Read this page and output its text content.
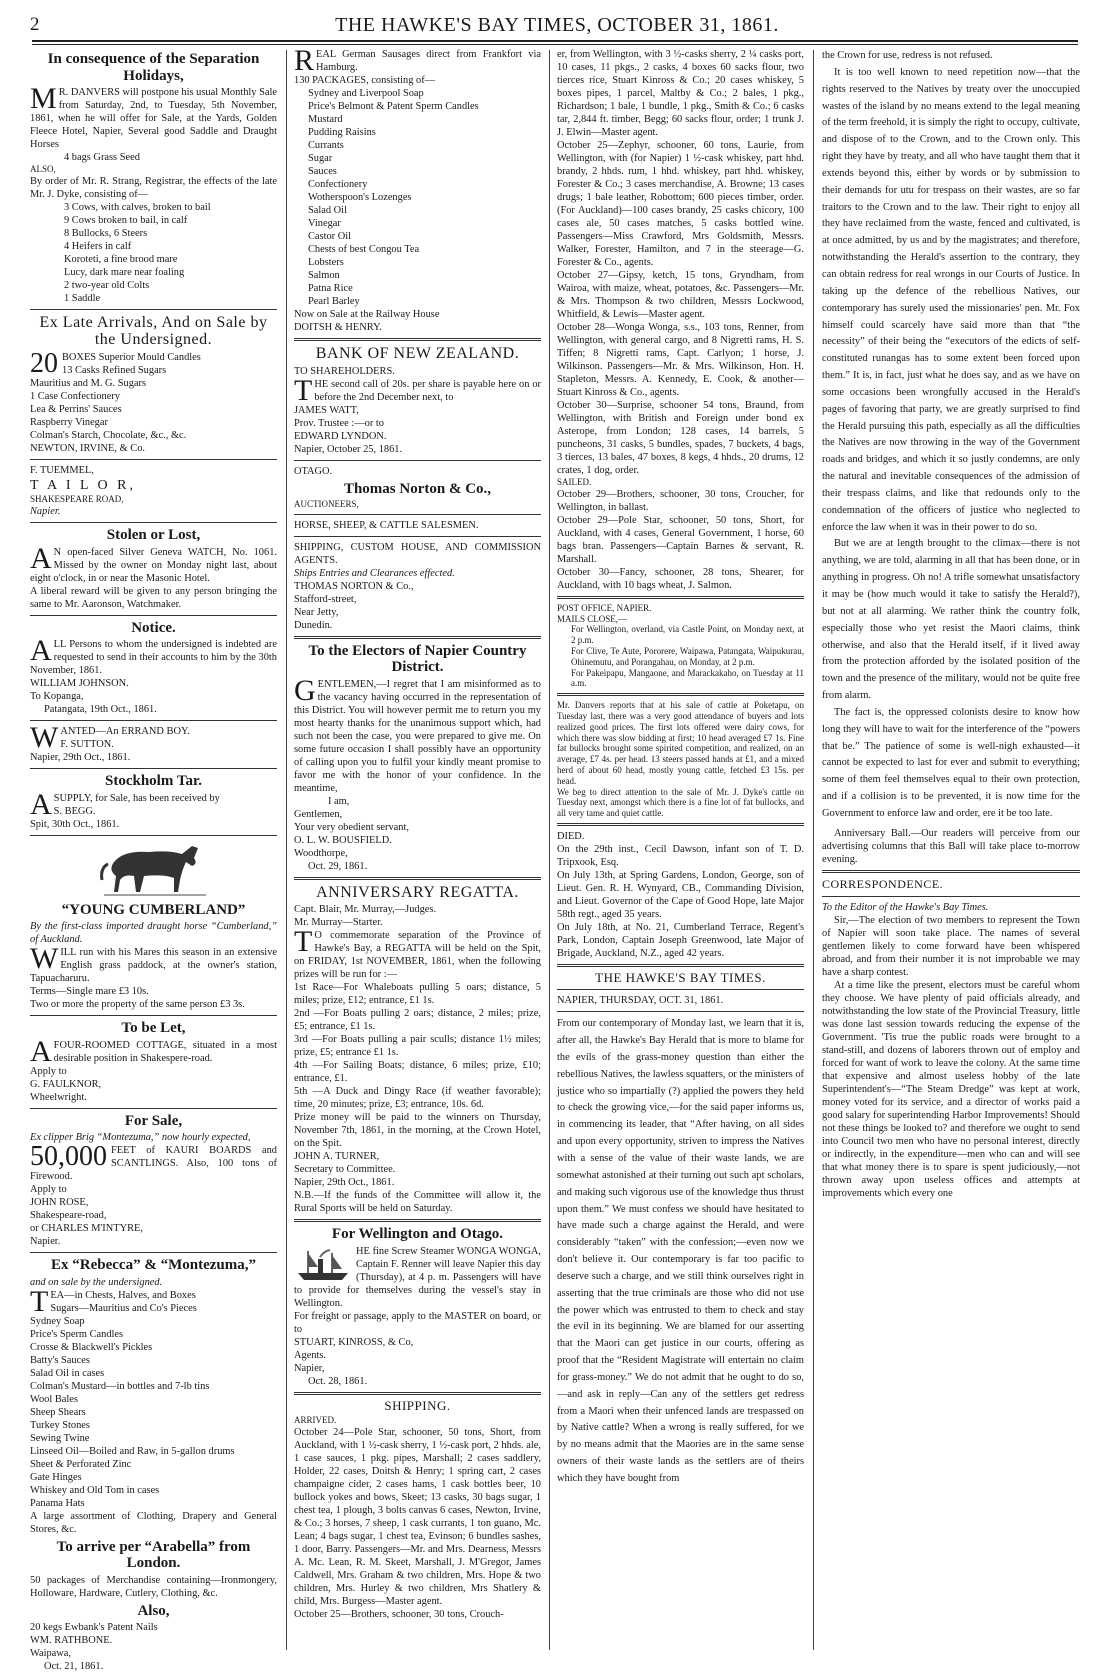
2	THE HAWKE'S BAY TIMES, OCTOBER 31, 1861.
In consequence of the Separation Holidays,

M R. DANVERS will postpone his usual Monthly Sale from Saturday, 2nd, to Tuesday, 5th November, 1861, when he will offer for Sale, at the Yards, Golden Fleece Hotel, Napier, Several good Saddle and Draught Horses

4 bags Grass Seed

ALSO,

By order of Mr. R. Strang, Registrar, the effects of the late Mr. J. Dyke, consisting of—

3 Cows, with calves, broken to bail

9 Cows broken to bail, in calf

8 Bullocks, 6 Steers

4 Heifers in calf

Koroteti, a fine brood mare

Lucy, dark mare near foaling

2 two-year old Colts

1 Saddle

Ex Late Arrivals, And on Sale by the Undersigned.

20 BOXES Superior Mould Candles

13 Casks Refined Sugars

Mauritius and M. G. Sugars

1 Case Confectionery

Lea & Perrins' Sauces

Raspberry Vinegar

Colman's Starch, Chocolate, &c., &c.

NEWTON, IRVINE, & Co.

F. TUEMMEL,

T A I L O R,

SHAKESPEARE ROAD,

Napier.

Stolen or Lost,

A N open-faced Silver Geneva WATCH, No. 1061. Missed by the owner on Monday night last, about eight o'clock, in or near the Masonic Hotel.

A liberal reward will be given to any person bringing the same to Mr. Aaronson, Watchmaker.

Notice.

ALL Persons to whom the undersigned is indebted are requested to send in their accounts to him by the 30th November, 1861.

WILLIAM JOHNSON.

To Kopanga,

Patangata, 19th Oct., 1861.

WANTED—An ERRAND BOY.

F. SUTTON.

Napier, 29th Oct., 1861.

Stockholm Tar.

ASUPPLY, for Sale, has been received by

S. BEGG.

Spit, 30th Oct., 1861.

“YOUNG CUMBERLAND”

By the first-class imported draught horse “Cumberland,” of Auckland.

WILL run with his Mares this season in an extensive English grass paddock, at the owner's station, Tapuacharuru.

Terms—Single mare £3 10s.

Two or more the property of the same person £3 3s.

To be Let,

AFOUR-ROOMED COTTAGE, situated in a most desirable position in Shakespere-road.

Apply to

G. FAULKNOR,

Wheelwright.

For Sale,

Ex clipper Brig “Montezuma,” now hourly expected,

50,000 FEET of KAURI BOARDS and SCANTLINGS. Also, 100 tons of Firewood.

Apply to

JOHN ROSE,

Shakespeare-road,

or CHARLES M'INTYRE,

Napier.

Ex “Rebecca” & “Montezuma,”

and on sale by the undersigned.

TEA—in Chests, Halves, and Boxes

Sugars—Mauritius and Co's Pieces

Sydney Soap

Price's Sperm Candles

Crosse & Blackwell's Pickles

Batty's Sauces

Salad Oil in cases

Colman's Mustard—in bottles and 7-lb tins

Wool Bales

Sheep Shears

Turkey Stones

Sewing Twine

Linseed Oil—Boiled and Raw, in 5-gallon drums

Sheet & Perforated Zinc

Gate Hinges

Whiskey and Old Tom in cases

Panama Hats

A large assortment of Clothing, Drapery and General Stores, &c.

To arrive per “Arabella” from London.

50 packages of Merchandise containing—Ironmongery, Holloware, Hardware, Cutlery, Clothing, &c.

Also,

20 kegs Ewbank's Patent Nails

WM. RATHBONE.

Waipawa,

Oct. 21, 1861.

REAL German Sausages direct from Frankfort via Hamburg.

130 PACKAGES, consisting of—

Sydney and Liverpool Soap

Price's Belmont & Patent Sperm Candles

Mustard

Pudding Raisins

Currants

Sugar

Sauces

Confectionery

Wotherspoon's Lozenges

Salad Oil

Vinegar

Castor Oil

Chests of best Congou Tea

Lobsters

Salmon

Patna Rice

Pearl Barley

Now on Sale at the Railway House

DOITSH & HENRY.

BANK OF NEW ZEALAND.

TO SHAREHOLDERS.

THE second call of 20s. per share is payable here on or before the 2nd December next, to

JAMES WATT,

Prov. Trustee :—or to

EDWARD LYNDON.

Napier, October 25, 1861.

OTAGO.

Thomas Norton & Co.,

AUCTIONEERS,

HORSE, SHEEP, & CATTLE SALESMEN.

SHIPPING, CUSTOM HOUSE, AND COMMISSION AGENTS.

Ships Entries and Clearances effected.

THOMAS NORTON & Co.,

Stafford-street,

Near Jetty,

Dunedin.

To the Electors of Napier Country District.

GENTLEMEN,—I regret that I am misinformed as to the vacancy having occurred in the representation of this District. You will however permit me to return you my most hearty thanks for the unanimous support which, had such not been the case, you were prepared to give me. On some future occasion I shall possibly have an opportunity of calling upon you to fulfil your kindly meant promise to favor me with the honor of your confidence. In the meantime,

I am,

Gentlemen,

Your very obedient servant,

O. L. W. BOUSFIELD.

Woodthorpe,

Oct. 29, 1861.

ANNIVERSARY REGATTA.

Capt. Blair, Mr. Murray,—Judges.

Mr. Murray—Starter.

T O commemorate separation of the Province of Hawke's Bay, a REGATTA will be held on the Spit, on FRIDAY, 1st NOVEMBER, 1861, when the following prizes will be run for :—

1st Race—For Whaleboats pulling 5 oars; distance, 5 miles; prize, £12; entrance, £1 1s.

2nd —For Boats pulling 2 oars; distance, 2 miles; prize, £5; entrance, £1 1s.

3rd —For Boats pulling a pair sculls; distance 1½ miles; prize, £5; entrance £1 1s.

4th —For Sailing Boats; distance, 6 miles; prize, £10; entrance, £1.

5th —A Duck and Dingy Race (if weather favorable); time, 20 minutes; prize, £3; entrance, 10s. 6d.

Prize money will be paid to the winners on Thursday, November 7th, 1861, in the morning, at the Crown Hotel, on the Spit.

JOHN A. TURNER,

Secretary to Committee.

Napier, 29th Oct., 1861.

N.B.—If the funds of the Committee will allow it, the Rural Sports will be held on Saturday.

For Wellington and Otago.

HE fine Screw Steamer WONGA WONGA, Captain F. Renner will leave Napier this day (Thursday), at 4 p. m. Passengers will have to provide for themselves during the vessel's stay in Wellington.

For freight or passage, apply to the MASTER on board, or to

STUART, KINROSS, & Co,

Agents.

Napier,

Oct. 28, 1861.

SHIPPING.

ARRIVED.

October 24—Pole Star, schooner, 50 tons, Short, from Auckland, with 1 ½-cask sherry, 1 ½-cask port, 2 hhds. ale, 1 case sauces, 1 pkg. pipes, Marshall; 2 cases saddlery, Holder, 22 cases, Doitsh & Henry; 1 spring cart, 2 cases champaigne cider, 2 cases hams, 1 cask bottles beer, 10 bullock yokes and bows, Skeet; 13 casks, 30 bags sugar, 1 chest tea, 1 plough, 3 bolts canvas 6 cases, Newton, Irvine, & Co.; 3 horses, 7 sheep, 1 cask currants, 1 ton guano, Mc. Lean; 4 bags sugar, 1 chest tea, Evinson; 6 bundles sashes, 1 door, Barry. Passengers—Mr. and Mrs. Dearness, Messrs A. Mc. Lean, R. M. Skeet, Marshall, J. M'Gregor, James Caldwell, Mrs. Graham & two children, Mrs. Hope & two children, Mrs. Hurley & two children, Mrs Shatlery & child, Mrs. Burgess—Master agent.

October 25—Brothers, schooner, 30 tons, Crouch-

er, from Wellington, with 3 ½-casks sherry, 2 ¼ casks port, 10 cases, 11 pkgs., 2 casks, 4 boxes 60 sacks flour, two tierces rice, Stuart Kinross & Co.; 20 cases whiskey, 5 boxes pipes, 1 parcel, Maltby & Co.; 2 bales, 1 pkg., Richardson; 1 bale, 1 bundle, 1 pkg., Smith & Co.; 6 casks tar, 2,844 ft. timber, Begg; 60 sacks flour, order; 1 trunk J. J. Elwin—Master agent.

October 25—Zephyr, schooner, 60 tons, Laurie, from Wellington, with (for Napier) 1 ½-cask whiskey, part hhd. brandy, 2 hhds. rum, 1 hhd. whiskey, part hhd. whiskey, Forester & Co.; 3 cases merchandise, A. Browne; 13 cases drugs; 1 bale leather, Robottom; 600 pieces timber, order. (For Auckland)—100 cases brandy, 25 casks chicory, 100 cases ale, 50 cases matches, 5 casks bottled wine. Passengers—Miss Crawford, Mrs Goldsmith, Messrs. Walker, Forester, Hamilton, and 7 in the steerage—G. Forester & Co., agents.

October 27—Gipsy, ketch, 15 tons, Gryndham, from Wairoa, with maize, wheat, potatoes, &c. Passengers—Mr. & Mrs. Thompson & two children, Messrs Lockwood, Whitfield, & Lewis—Master agent.

October 28—Wonga Wonga, s.s., 103 tons, Renner, from Wellington, with general cargo, and 8 Nigretti rams, H. S. Tiffen; 8 Nigretti rams, Capt. Carlyon; 1 horse, J. Wilkinson. Passengers—Mr. & Mrs. Wilkinson, Hon. H. Stapleton, Messrs. A. Kennedy, E. Cook, & another—Stuart Kinross & Co., agents.

October 30—Surprise, schooner 54 tons, Braund, from Wellington, with British and Foreign under bond ex Asterope, from London; 128 cases, 14 barrels, 5 puncheons, 31 casks, 5 bundles, spades, 7 buckets, 4 bags, 3 tierces, 13 bales, 47 boxes, 8 kegs, 4 hhds., 20 drums, 12 crates, 1 dog, order.

SAILED.

October 29—Brothers, schooner, 30 tons, Croucher, for Wellington, in ballast.

October 29—Pole Star, schooner, 50 tons, Short, for Auckland, with 4 cases, General Government, 1 horse, 60 bags bran. Passengers—Captain Barnes & servant, R. Marshall.

October 30—Fancy, schooner, 28 tons, Shearer, for Auckland, with 10 bags wheat, J. Salmon.

POST OFFICE, NAPIER.

MAILS CLOSE,—

For Wellington, overland, via Castle Point, on Monday next, at 2 p.m.

For Clive, Te Aute, Pororere, Waipawa, Patangata, Waipukurau, Ohinemutu, and Porangahau, on Monday, at 2 p.m.

For Pakeipapu, Mangaone, and Marackakaho, on Tuesday at 11 a.m.

Mr. Danvers reports that at his sale of cattle at Poketapu, on Tuesday last, there was a very good attendance of buyers and lots realized good prices. The first lots offered were dairy cows, for which there was slow bidding at first; 10 head averaged £7 1s. Fine fat bullocks brought some spirited competition, and realized, on an average, £7 4s. per head. 13 steers passed hands at £1, and a mixed herd of about 60 head, mostly young cattle, fetched £3 15s. per head.

We beg to direct attention to the sale of Mr. J. Dyke's cattle on Tuesday next, amongst which there is a fine lot of fat bullocks, and all very tame and quiet cattle.

DIED.

On the 29th inst., Cecil Dawson, infant son of T. D. Tripxook, Esq.

On July 13th, at Spring Gardens, London, George, son of Lieut. Gen. R. H. Wynyard, CB., Commanding Division, and Lieut. Governor of the Cape of Good Hope, late Major 58th regt., aged 35 years.

On July 18th, at No. 21, Cumberland Terrace, Regent's Park, London, Captain Joseph Greenwood, late Major of Brigade, Auckland, N.Z., aged 42 years.

THE HAWKE'S BAY TIMES.

NAPIER, THURSDAY, OCT. 31, 1861.

From our contemporary of Monday last, we learn that it is, after all, the Hawke's Bay Herald that is more to blame for the evils of the grass-money question than either the rebellious Natives, the lawless squatters, or the ministers of justice who so impartially (?) applied the powers they held to check the growing vice,—for the said paper informs us, in commencing its leader, that “After having, on all sides and upon every opportunity, striven to impress the Natives with a sense of the value of their waste lands, we are somewhat astonished at their turning out such apt scholars, and making such vigorous use of the knowledge thus thrust upon them.” We must confess we should have hesitated to have made such a charge against the Herald, and were considerably “taken” with the confession;—even now we don't believe it. Our contemporary is far too pacific to deserve such a charge, and we still think ourselves right in asserting that the true criminals are those who did not use the power which was entrusted to them to check and stay the evil in its beginning. We are blamed for our asserting that the Maori can get justice in our courts, offering as proof that the “Resident Magistrate will entertain no claim for grass-money.” We do not admit that he ought to do so,—and ask in reply—Can any of the settlers get redress from a Maori when their unfenced lands are trespassed on by Native cattle? When a wrong is really suffered, for we by no means admit that the Maories are in the same sense owners of their waste lands as the settlers are of theirs which they have bought from

the Crown for use, redress is not refused.

It is too well known to need repetition now—that the rights reserved to the Natives by treaty over the unoccupied wastes of the island by no means extend to the legal meaning of the term freehold, it is simply the right to occupy, cultivate, and dispose of to the Crown, and to the Crown only. This right they have by treaty, and all who have taught them that it extends beyond this, either by words or by submission to their demands for utu for trespass on their wastes, are so far traitors to the Crown and to the law. Their right to enjoy all they have reclaimed from the waste, fenced and cultivated, is at once admitted, by us and by the magistrates; and therefore, notwithstanding the Herald's assertion to the contrary, they can obtain redress for real wrongs in our Courts of Justice. In taking up the defence of the rebellious Natives, our contemporary has surely used the missionaries' pen. Mr. Fox himself could scarcely have said more than that “the necessity” of their being the “executors of the edicts of self-constituted runangas has to some extent been forced upon them.” It is, in fact, just what he does say, and as we have on some occasions been wrongfully accused in the Herald's pages of favoring that party, we are greatly surprised to find the Herald pursuing this path, especially as all the difficulties the Natives are now throwing in the way of the Government roads and bridges, and which it so justly condemns, are only the natural and inevitable consequences of the admission of their trespass claims, and like that redounds only to the condemnation of the officers of justice who neglected to enforce the law when it was in their power to do so.

But we are at length brought to the climax—there is not anything, we are told, alarming in all that has been done, or in anything in progress. Oh no! A trifle somewhat unsatisfactory it may be (how much would it take to satisfy the Herald?), but not at all alarming. We rather think the country folk, especially those who yet resist the Maori claims, think otherwise, and also that the Herald itself, if it lived away from the protection afforded by the isolated position of the town and the presence of the military, would not be quite free from alarm.

The fact is, the oppressed colonists desire to know how long they will have to wait for the interference of the “powers that be.” The patience of some is well-nigh exhausted—it cannot be expected to last for ever and submit to everything; some of them feel themselves equal to their own protection, and if a collision is to be prevented, it is now time for the Government to enforce law and order, ere it be too late.

Anniversary Ball.—Our readers will perceive from our advertising columns that this Ball will take place to-morrow evening.

CORRESPONDENCE.

To the Editor of the Hawke's Bay Times.

Sir,—The election of two members to represent the Town of Napier will soon take place. The names of several gentlemen likely to come forward have been whispered abroad, and from their number it is not improbable we may have a sharp contest.

At a time like the present, electors must be careful whom they choose. We have plenty of paid officials already, and notwithstanding the low state of the Provincial Treasury, little was done last session towards reducing the expense of the Government. 'Tis true the public roads were brought to a stand-still, and dozens of laborers thrown out of employ and forced for want of work to leave the colony. At the same time that expensive and almost useless hobby of the late Superintendent's—“The Steam Dredge” was kept at work, money voted for its service, and a director of works paid a good salary for superintending Harbor Improvements! Should not these things be looked to? and therefore we ought to send into Council two men who have no personal interest, directly or indirectly, in the expenditure—men who can and will see that what money there is to spare is spent judiciously,—not thrown away upon useless offices and attempts at improvements which every one
